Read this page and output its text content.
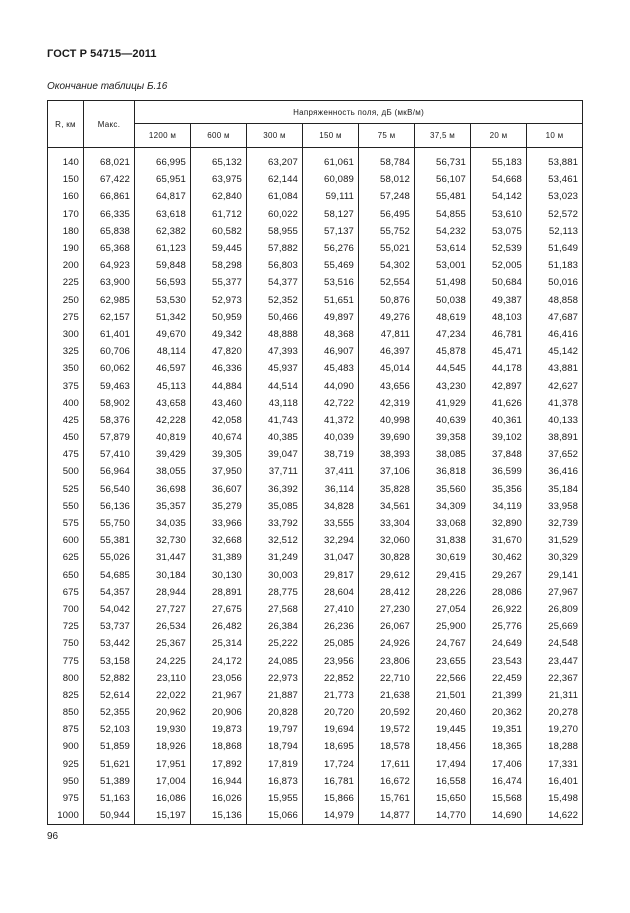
ГОСТ Р 54715—2011
Окончание таблицы Б.16
R, км	Макс.	Напряженность поля, дБ (мкВ/м)							
		1200 м	600 м	300 м	150 м	75 м	37,5 м	20 м	10 м

140	68,021	66,995	65,132	63,207	61,061	58,784	56,731	55,183	53,881
150	67,422	65,951	63,975	62,144	60,089	58,012	56,107	54,668	53,461
160	66,861	64,817	62,840	61,084	59,111	57,248	55,481	54,142	53,023
170	66,335	63,618	61,712	60,022	58,127	56,495	54,855	53,610	52,572
180	65,838	62,382	60,582	58,955	57,137	55,752	54,232	53,075	52,113
190	65,368	61,123	59,445	57,882	56,276	55,021	53,614	52,539	51,649
200	64,923	59,848	58,298	56,803	55,469	54,302	53,001	52,005	51,183
225	63,900	56,593	55,377	54,377	53,516	52,554	51,498	50,684	50,016
250	62,985	53,530	52,973	52,352	51,651	50,876	50,038	49,387	48,858
275	62,157	51,342	50,959	50,466	49,897	49,276	48,619	48,103	47,687
300	61,401	49,670	49,342	48,888	48,368	47,811	47,234	46,781	46,416
325	60,706	48,114	47,820	47,393	46,907	46,397	45,878	45,471	45,142
350	60,062	46,597	46,336	45,937	45,483	45,014	44,545	44,178	43,881
375	59,463	45,113	44,884	44,514	44,090	43,656	43,230	42,897	42,627
400	58,902	43,658	43,460	43,118	42,722	42,319	41,929	41,626	41,378
425	58,376	42,228	42,058	41,743	41,372	40,998	40,639	40,361	40,133
450	57,879	40,819	40,674	40,385	40,039	39,690	39,358	39,102	38,891
475	57,410	39,429	39,305	39,047	38,719	38,393	38,085	37,848	37,652
500	56,964	38,055	37,950	37,711	37,411	37,106	36,818	36,599	36,416
525	56,540	36,698	36,607	36,392	36,114	35,828	35,560	35,356	35,184
550	56,136	35,357	35,279	35,085	34,828	34,561	34,309	34,119	33,958
575	55,750	34,035	33,966	33,792	33,555	33,304	33,068	32,890	32,739
600	55,381	32,730	32,668	32,512	32,294	32,060	31,838	31,670	31,529
625	55,026	31,447	31,389	31,249	31,047	30,828	30,619	30,462	30,329
650	54,685	30,184	30,130	30,003	29,817	29,612	29,415	29,267	29,141
675	54,357	28,944	28,891	28,775	28,604	28,412	28,226	28,086	27,967
700	54,042	27,727	27,675	27,568	27,410	27,230	27,054	26,922	26,809
725	53,737	26,534	26,482	26,384	26,236	26,067	25,900	25,776	25,669
750	53,442	25,367	25,314	25,222	25,085	24,926	24,767	24,649	24,548
775	53,158	24,225	24,172	24,085	23,956	23,806	23,655	23,543	23,447
800	52,882	23,110	23,056	22,973	22,852	22,710	22,566	22,459	22,367
825	52,614	22,022	21,967	21,887	21,773	21,638	21,501	21,399	21,311
850	52,355	20,962	20,906	20,828	20,720	20,592	20,460	20,362	20,278
875	52,103	19,930	19,873	19,797	19,694	19,572	19,445	19,351	19,270
900	51,859	18,926	18,868	18,794	18,695	18,578	18,456	18,365	18,288
925	51,621	17,951	17,892	17,819	17,724	17,611	17,494	17,406	17,331
950	51,389	17,004	16,944	16,873	16,781	16,672	16,558	16,474	16,401
975	51,163	16,086	16,026	15,955	15,866	15,761	15,650	15,568	15,498
1000	50,944	15,197	15,136	15,066	14,979	14,877	14,770	14,690	14,622
96
